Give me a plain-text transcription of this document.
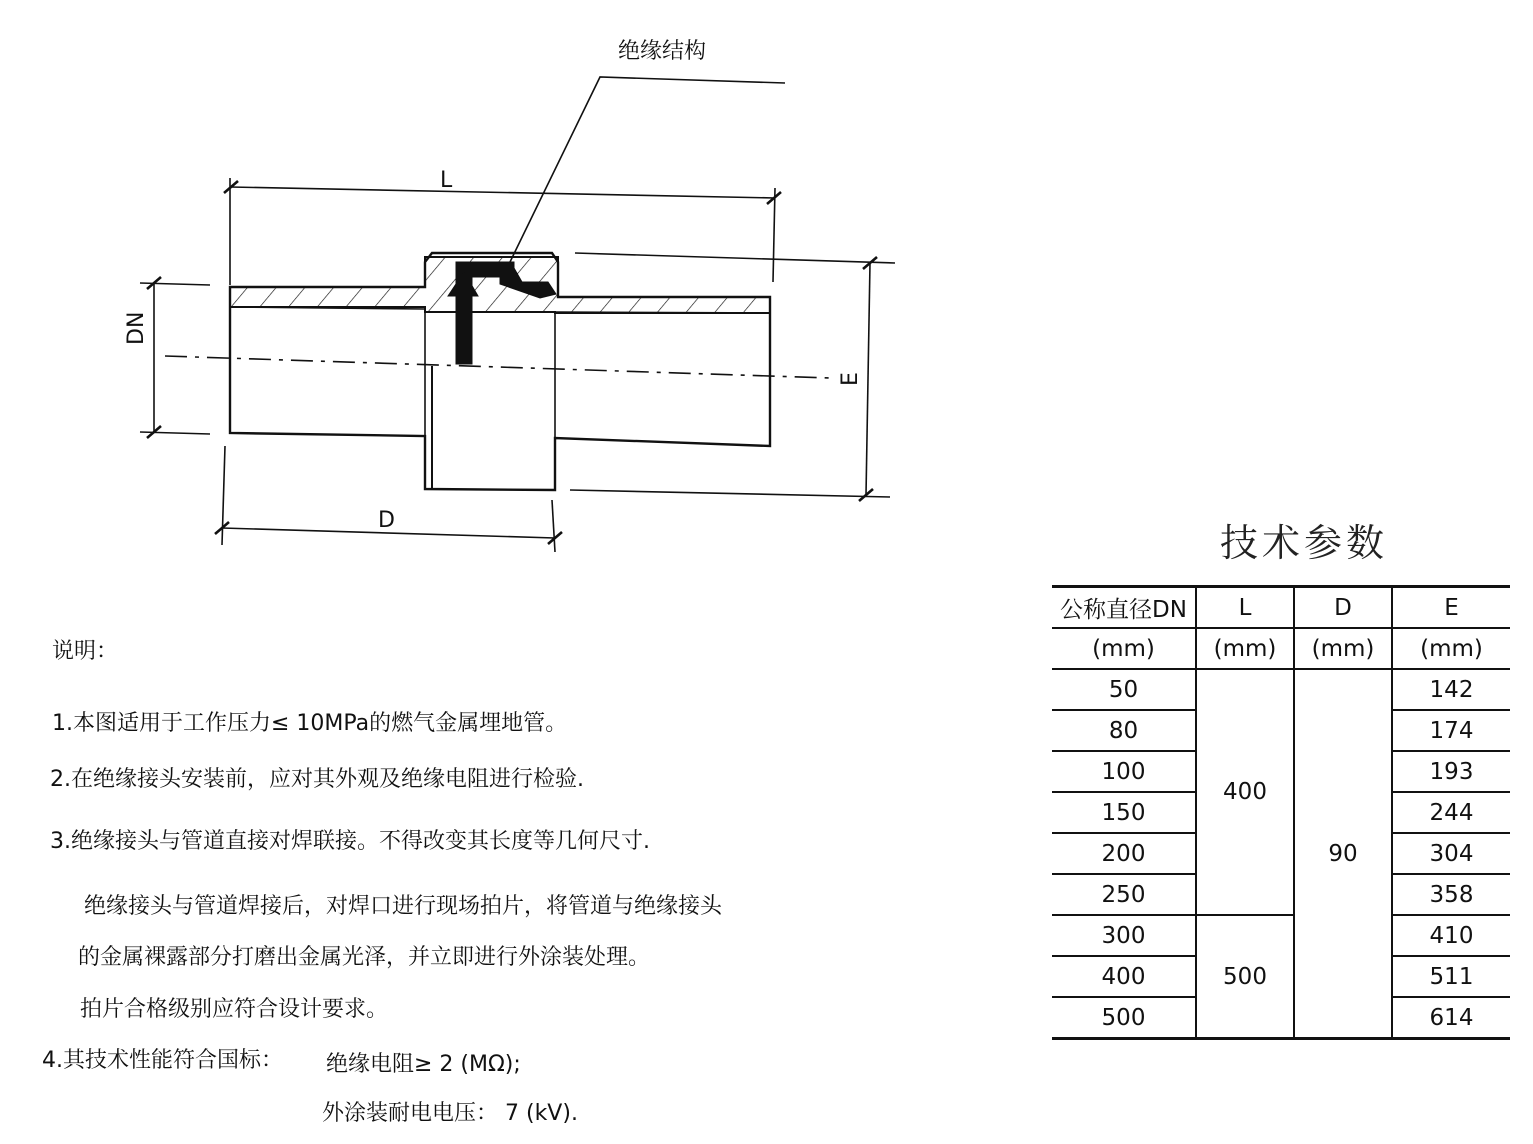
绝缘结构
L
D
DN
E
说明：
1.本图适用于工作压力≤ 10MPa的燃气金属埋地管。
2.在绝缘接头安装前，应对其外观及绝缘电阻进行检验.
3.绝缘接头与管道直接对焊联接。不得改变其长度等几何尺寸.
绝缘接头与管道焊接后，对焊口进行现场拍片，将管道与绝缘接头
的金属裸露部分打磨出金属光泽，并立即进行外涂装处理。
拍片合格级别应符合设计要求。
4.其技术性能符合国标： 绝缘电阻≥ 2 (MΩ);
外涂装耐电电压： 7 (kV).
技术参数
公称直径DN	L	D	E
(mm)	(mm)	(mm)	(mm)
50	400	90	142
80			174
100			193
150			244
200			304
250			358
300	500		410
400			511
500			614
